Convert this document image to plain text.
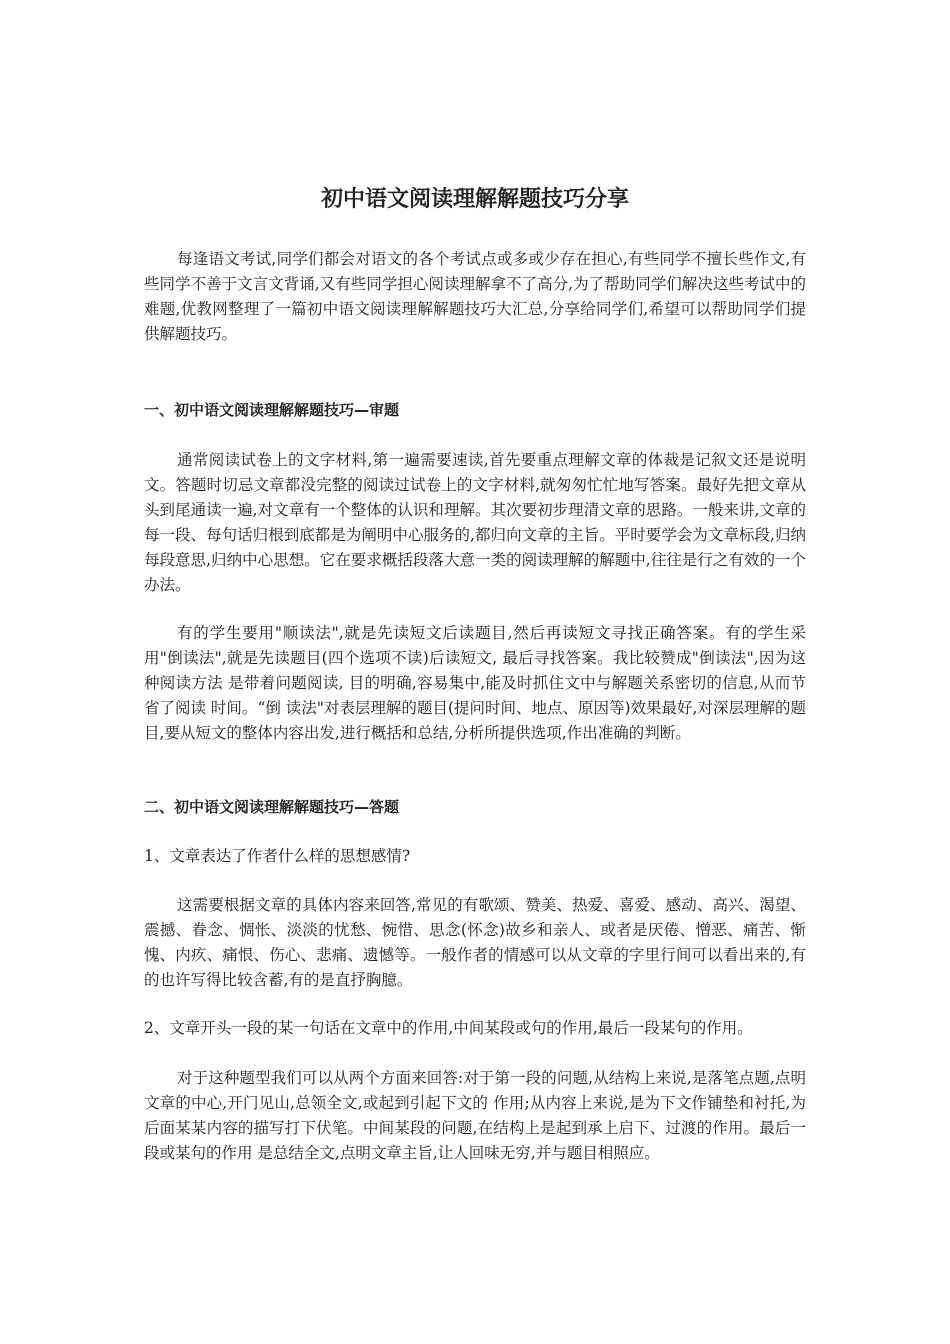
初中语文阅读理解解题技巧分享

每逢语文考试,同学们都会对语文的各个考试点或多或少存在担心,有些同学不擅长些作文,有些同学不善于文言文背诵,又有些同学担心阅读理解拿不了高分,为了帮助同学们解决这些考试中的难题,优教网整理了一篇初中语文阅读理解解题技巧大汇总,分享给同学们,希望可以帮助同学们提供解题技巧。

一、初中语文阅读理解解题技巧—审题

通常阅读试卷上的文字材料,第一遍需要速读,首先要重点理解文章的体裁是记叙文还是说明文。答题时切忌文章都没完整的阅读过试卷上的文字材料,就匆匆忙忙地写答案。最好先把文章从头到尾通读一遍,对文章有一个整体的认识和理解。其次要初步理清文章的思路。一般来讲,文章的每一段、每句话归根到底都是为阐明中心服务的,都归向文章的主旨。平时要学会为文章标段,归纳每段意思,归纳中心思想。它在要求概括段落大意一类的阅读理解的解题中,往往是行之有效的一个办法。

有的学生要用"顺读法",就是先读短文后读题目,然后再读短文寻找正确答案。有的学生采用"倒读法",就是先读题目(四个选项不读)后读短文, 最后寻找答案。我比较赞成"倒读法",因为这种阅读方法 是带着问题阅读, 目的明确,容易集中,能及时抓住文中与解题关系密切的信息,从而节省了阅读 时间。“倒 读法"对表层理解的题目(提问时间、地点、原因等)效果最好,对深层理解的题目,要从短文的整体内容出发,进行概括和总结,分析所提供选项,作出准确的判断。

二、初中语文阅读理解解题技巧—答题

1、文章表达了作者什么样的思想感情?

这需要根据文章的具体内容来回答,常见的有歌颂、赞美、热爱、喜爱、感动、高兴、渴望、震撼、眷念、惆怅、淡淡的忧愁、惋惜、思念(怀念)故乡和亲人、或者是厌倦、憎恶、痛苦、惭愧、内疚、痛恨、伤心、悲痛、遗憾等。一般作者的情感可以从文章的字里行间可以看出来的,有的也许写得比较含蓄,有的是直抒胸臆。

2、文章开头一段的某一句话在文章中的作用,中间某段或句的作用,最后一段某句的作用。

对于这种题型我们可以从两个方面来回答:对于第一段的问题,从结构上来说,是落笔点题,点明文章的中心,开门见山,总领全文,或起到引起下文的 作用;从内容上来说,是为下文作铺垫和衬托,为后面某某内容的描写打下伏笔。中间某段的问题,在结构上是起到承上启下、过渡的作用。最后一段或某句的作用 是总结全文,点明文章主旨,让人回味无穷,并与题目相照应。
